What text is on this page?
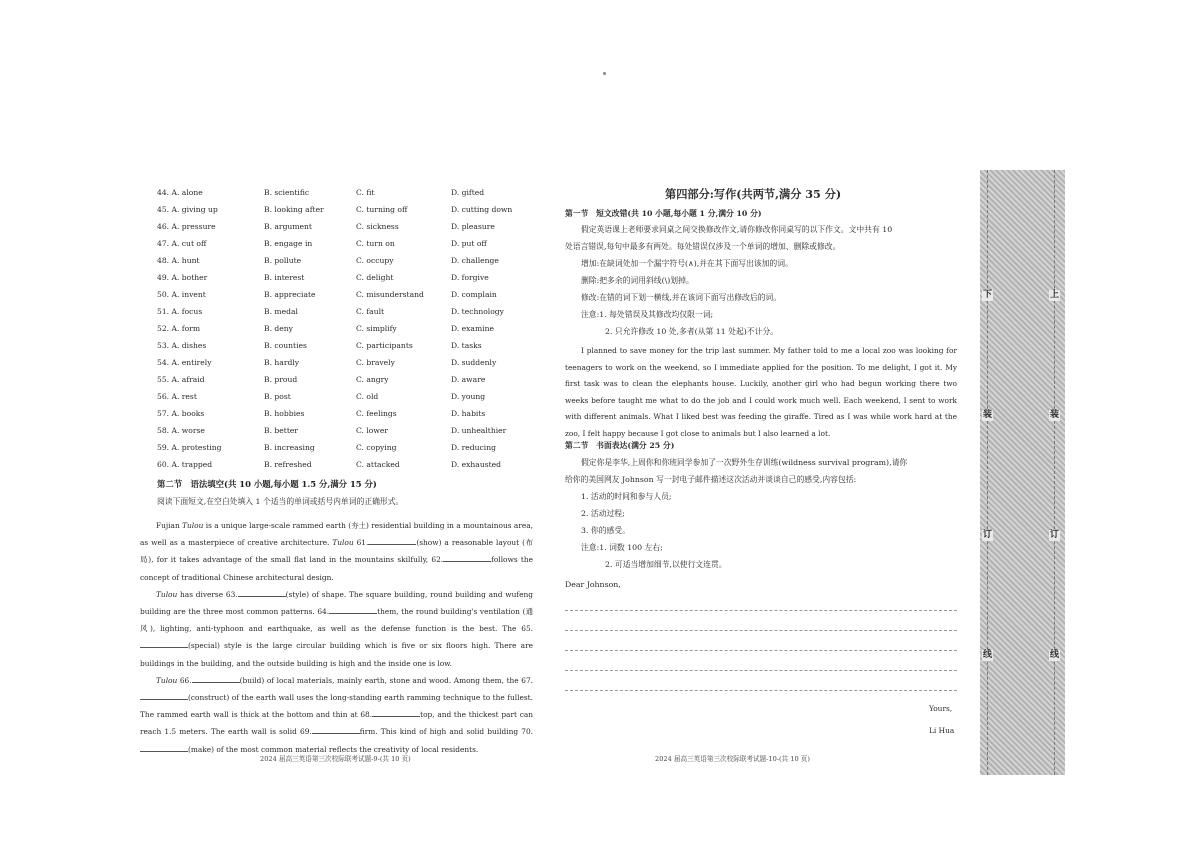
44. A. alone	B. scientific	C. fit	D. gifted
45. A. giving up	B. looking after	C. turning off	D. cutting down
46. A. pressure	B. argument	C. sickness	D. pleasure
47. A. cut off	B. engage in	C. turn on	D. put off
48. A. hunt	B. pollute	C. occupy	D. challenge
49. A. bother	B. interest	C. delight	D. forgive
50. A. invent	B. appreciate	C. misunderstand	D. complain
51. A. focus	B. medal	C. fault	D. technology
52. A. form	B. deny	C. simplify	D. examine
53. A. dishes	B. counties	C. participants	D. tasks
54. A. entirely	B. hardly	C. bravely	D. suddenly
55. A. afraid	B. proud	C. angry	D. aware
56. A. rest	B. post	C. old	D. young
57. A. books	B. hobbies	C. feelings	D. habits
58. A. worse	B. better	C. lower	D. unhealthier
59. A. protesting	B. increasing	C. copying	D. reducing
60. A. trapped	B. refreshed	C. attacked	D. exhausted
第二节　语法填空(共 10 小题,每小题 1.5 分,满分 15 分)
阅读下面短文,在空白处填入 1 个适当的单词或括号内单词的正确形式。

Fujian Tulou is a unique large-scale rammed earth (夯土) residential building in a mountainous area, as well as a masterpiece of creative architecture. Tulou 61.	(show) a reasonable layout (布局), for it takes advantage of the small flat land in the mountains skilfully, 62.	follows the concept of traditional Chinese architectural design.

Tulou has diverse 63.	(style) of shape. The square building, round building and wufeng building are the three most common patterns. 64.	them, the round building's ventilation (通风), lighting, anti-typhoon and earthquake, as well as the defense function is the best. The 65.(special) style is the large circular building which is five or six floors high. There are buildings in the building, and the outside building is high and the inside one is low.

Tulou 66.	(build) of local materials, mainly earth, stone and wood. Among them, the 67.(construct) of the earth wall uses the long-standing earth ramming technique to the fullest. The rammed earth wall is thick at the bottom and thin at 68.	top, and the thickest part can reach 1.5 meters. The earth wall is solid 69.	firm. This kind of high and solid building 70.(make) of the most common material reflects the creativity of local residents.

2024 届高三英语第三次校际联考试题-9-(共 10 页)
第四部分:写作(共两节,满分 35 分)
第一节　短文改错(共 10 小题,每小题 1 分,满分 10 分)
假定英语课上老师要求同桌之间交换修改作文,请你修改你同桌写的以下作文。文中共有 10
处语言错误,每句中最多有两处。每处错误仅涉及一个单词的增加、删除或修改。
增加:在缺词处加一个漏字符号(∧),并在其下面写出该加的词。
删除:把多余的词用斜线(\)划掉。
修改:在错的词下划一横线,并在该词下面写出修改后的词。
注意:1. 每处错误及其修改均仅限一词;
2. 只允许修改 10 处,多者(从第 11 处起)不计分。

I planned to save money for the trip last summer. My father told to me a local zoo was looking for teenagers to work on the weekend, so I immediate applied for the position. To me delight, I got it. My first task was to clean the elephants house. Luckily, another girl who had begun working there two weeks before taught me what to do the job and I could work much well. Each weekend, I sent to work with different animals. What I liked best was feeding the giraffe. Tired as I was while work hard at the zoo, I felt happy because I got close to animals but I also learned a lot.

第二节　书面表达(满分 25 分)
假定你是李华,上周你和你班同学参加了一次野外生存训练(wildness survival program),请你
给你的美国网友 Johnson 写一封电子邮件描述这次活动并谈谈自己的感受,内容包括:
1. 活动的时间和参与人员;
2. 活动过程;
3. 你的感受。
注意:1. 词数 100 左右;
2. 可适当增加细节,以使行文连贯。
Dear Johnson,
Yours,
Li Hua
2024 届高三英语第三次校际联考试题-10-(共 10 页)
下
装
订
线
上
装
订
线
